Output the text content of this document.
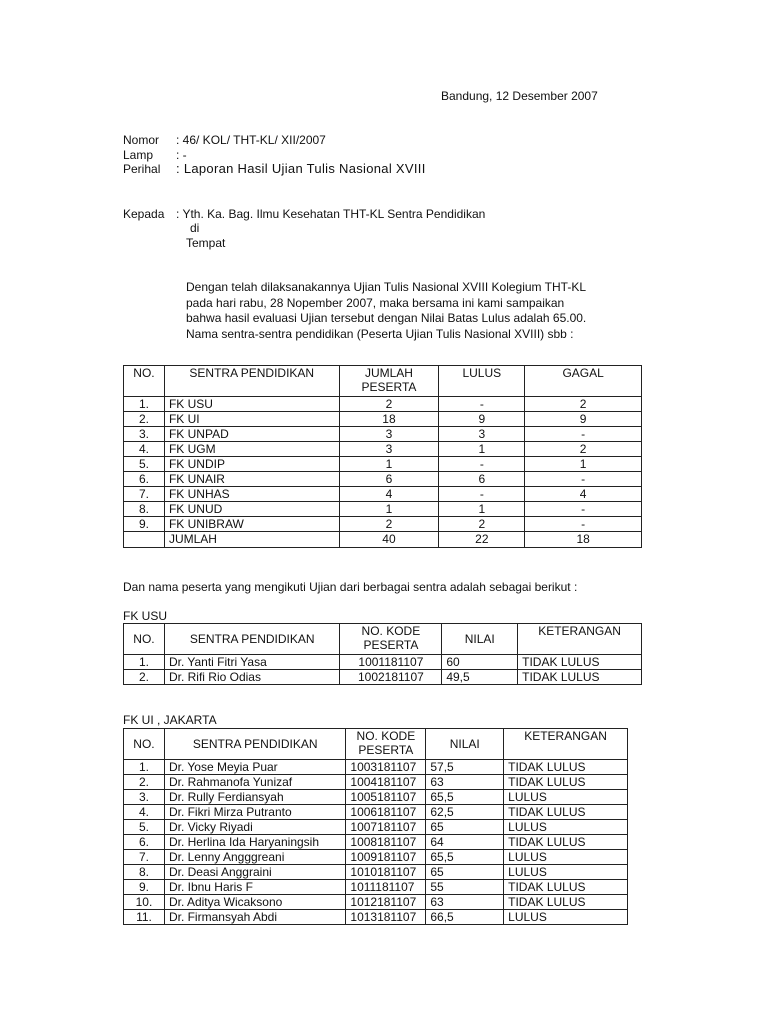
Bandung, 12 Desember 2007
Nomor : 46/ KOL/ THT-KL/ XII/2007
Lamp : -
Perihal : Laporan Hasil Ujian Tulis Nasional XVIII
Kepada : Yth. Ka. Bag. Ilmu Kesehatan THT-KL Sentra Pendidikan
di
Tempat
Dengan telah dilaksanakannya Ujian Tulis Nasional XVIII Kolegium THT-KL
pada hari rabu, 28 Nopember 2007, maka bersama ini kami sampaikan
bahwa hasil evaluasi Ujian tersebut dengan Nilai Batas Lulus adalah 65.00.
Nama sentra-sentra pendidikan (Peserta Ujian Tulis Nasional XVIII) sbb :
NO.	SENTRA PENDIDIKAN	JUMLAH PESERTA	LULUS	GAGAL
1.	FK USU	2	-	2
2.	FK UI	18	9	9
3.	FK UNPAD	3	3	-
4.	FK UGM	3	1	2
5.	FK UNDIP	1	-	1
6.	FK UNAIR	6	6	-
7.	FK UNHAS	4	-	4
8.	FK UNUD	1	1	-
9.	FK UNIBRAW	2	2	-
	JUMLAH	40	22	18
Dan nama peserta yang mengikuti Ujian dari berbagai sentra adalah sebagai berikut :
FK USU
NO.	SENTRA PENDIDIKAN	NO. KODE PESERTA	NILAI	KETERANGAN
1.	Dr. Yanti Fitri Yasa	1001181107	60	TIDAK LULUS
2.	Dr. Rifi Rio Odias	1002181107	49,5	TIDAK LULUS
FK UI , JAKARTA
NO.	SENTRA PENDIDIKAN	NO. KODE PESERTA	NILAI	KETERANGAN
1.	Dr. Yose Meyia Puar	1003181107	57,5	TIDAK LULUS
2.	Dr. Rahmanofa Yunizaf	1004181107	63	TIDAK LULUS
3.	Dr. Rully Ferdiansyah	1005181107	65,5	LULUS
4.	Dr. Fikri Mirza Putranto	1006181107	62,5	TIDAK LULUS
5.	Dr. Vicky Riyadi	1007181107	65	LULUS
6.	Dr. Herlina Ida Haryaningsih	1008181107	64	TIDAK LULUS
7.	Dr. Lenny Angggreani	1009181107	65,5	LULUS
8.	Dr. Deasi Anggraini	1010181107	65	LULUS
9.	Dr. Ibnu Haris F	1011181107	55	TIDAK LULUS
10.	Dr. Aditya Wicaksono	1012181107	63	TIDAK LULUS
11.	Dr. Firmansyah Abdi	1013181107	66,5	LULUS
